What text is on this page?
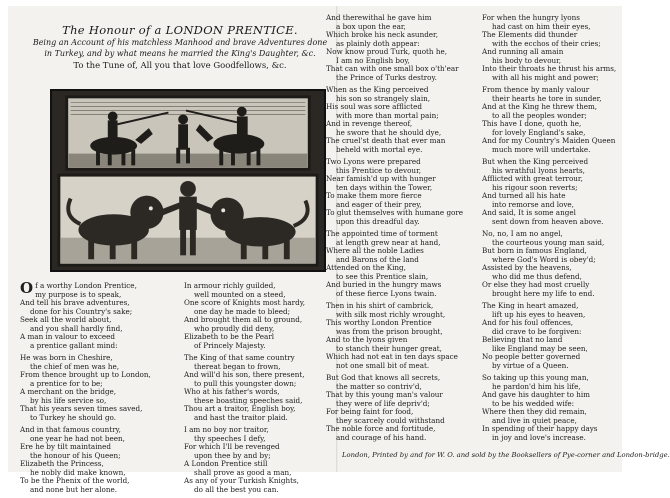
The Honour of a LONDON PRENTICE.
Being an Account of his matchless Manhood and brave Adventures done
in Turkey, and by what means he married the King's Daughter, &c.
To the Tune of, All you that love Goodfellows, &c.
Of a worthy London Prentice,
my purpose is to speak,
And tell his brave adventures,
done for his Country's sake;
Seek all the world about,
and you shall hardly find,
A man in valour to exceed
a prentice gallant mind:
He was born in Cheshire,
the chief of men was he,
From thence brought up to London,
a prentice for to be;
A merchant on the bridge,
by his life service so,
That his years seven times saved,
to Turkey he should go.
And in that famous country,
one year he had not been,
Ere he by tilt maintained
the honour of his Queen;
Elizabeth the Princess,
he nobly did make known,
To be the Phenix of the world,
and none but her alone.
In armour richly guilded,
well mounted on a steed,
One score of Knights most hardy,
one day he made to bleed;
And brought them all to ground,
who proudly did deny,
Elizabeth to be the Pearl
of Princely Majesty.
The King of that same country
thereat began to frown,
And will'd his son, there present,
to pull this youngster down;
Who at his father's words,
these boasting speeches said,
Thou art a traitor, English boy,
and hast the traitor plaid.
I am no boy nor traitor,
thy speeches I defy,
For which I'll be revenged
upon thee by and by;
A London Prentice still
shall prove as good a man,
As any of your Turkish Knights,
do all the best you can.
And therewithal he gave him
a box upon the ear,
Which broke his neck asunder,
as plainly doth appear:
Now know proud Turk, quoth he,
I am no English boy,
That can with one small box o'th'ear
the Prince of Turks destroy.
When as the King perceived
his son so strangely slain,
His soul was sore afflicted
with more than mortal pain;
And in revenge thereof,
he swore that he should dye,
The cruel'st death that ever man
beheld with mortal eye.
Two Lyons were prepared
this Prentice to devour,
Near famish'd up with hunger
ten days within the Tower,
To make them more fierce
and eager of their prey,
To glut themselves with humane gore
upon this dreadful day.
The appointed time of torment
at length grew near at hand,
Where all the noble Ladies
and Barons of the land
Attended on the King,
to see this Prentice slain,
And buried in the hungry maws
of these fierce Lyons twain.
Then in his shirt of cambrick,
with silk most richly wrought,
This worthy London Prentice
was from the prison brought,
And to the lyons given
to stanch their hunger great,
Which had not eat in ten days space
not one small bit of meat.
But God that knows all secrets,
the matter so contriv'd,
That by this young man's valour
they were of life depriv'd;
For being faint for food,
they scarcely could withstand
The noble force and fortitude,
and courage of his hand.
For when the hungry lyons
had cast on him their eyes,
The Elements did thunder
with the ecchos of their cries;
And running all amain
his body to devour,
Into their throats he thrust his arms,
with all his might and power;
From thence by manly valour
their hearts he tore in sunder,
And at the King he threw them,
to all the peoples wonder;
This have I done, quoth he,
for lovely England's sake,
And for my Country's Maiden Queen
much more will undertake.
But when the King perceived
his wrathful lyons hearts,
Afflicted with great terrour,
his rigour soon reverts;
And turned all his hate
into remorse and love,
And said, It is some angel
sent down from heaven above.
No, no, I am no angel,
the courteous young man said,
But born in famous England,
where God's Word is obey'd;
Assisted by the heavens,
who did me thus defend,
Or else they had most cruelly
brought here my life to end.
The King in heart amazed,
lift up his eyes to heaven,
And for his foul offences,
did crave to be forgiven:
Believing that no land
like England may be seen,
No people better governed
by virtue of a Queen.
So taking up this young man,
he pardon'd him his life,
And gave his daughter to him
to be his wedded wife:
Where then they did remain,
and live in quiet peace,
In spending of their happy days
in joy and love's increase.
London, Printed by and for W. O. and sold by the Booksellers of Pye-corner and London-bridge.
